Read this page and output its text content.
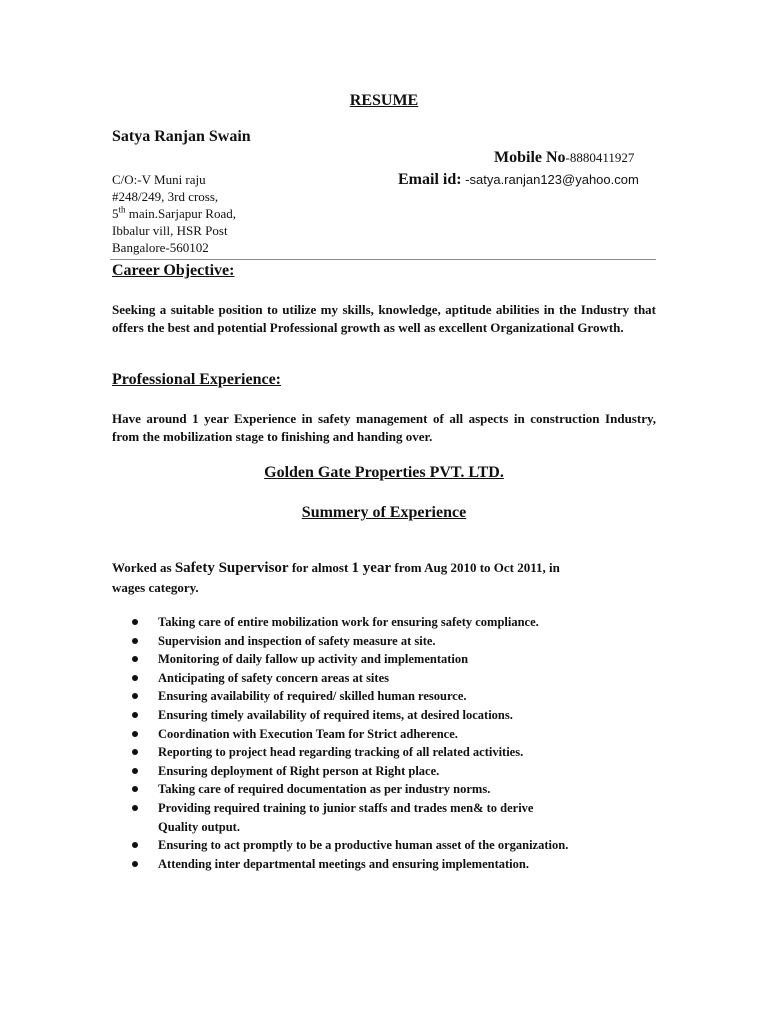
RESUME
Satya Ranjan Swain
Mobile No-8880411927
Email id: -satya.ranjan123@yahoo.com
C/O:-V Muni raju
#248/249, 3rd cross,
5th main.Sarjapur Road,
Ibbalur vill, HSR Post
Bangalore-560102
Career Objective:
Seeking a suitable position to utilize my skills, knowledge, aptitude abilities in the Industry that offers the best and potential Professional growth as well as excellent Organizational Growth.
Professional Experience:
Have around 1 year Experience in safety management of all aspects in construction Industry, from the mobilization stage to finishing and handing over.
Golden Gate Properties PVT. LTD.
Summery of Experience
Worked as Safety Supervisor for almost 1 year from Aug 2010 to Oct 2011, in
wages category.
Taking care of entire mobilization work for ensuring safety compliance.
Supervision and inspection of safety measure at site.
Monitoring of daily fallow up activity and implementation
Anticipating of safety concern areas at sites
Ensuring availability of required/ skilled human resource.
Ensuring timely availability of required items, at desired locations.
Coordination with Execution Team for Strict adherence.
Reporting to project head regarding tracking of all related activities.
Ensuring deployment of Right person at Right place.
Taking care of required documentation as per industry norms.
Providing required training to junior staffs and trades men& to derive
Quality output.
Ensuring to act promptly to be a productive human asset of the organization.
Attending inter departmental meetings and ensuring implementation.
